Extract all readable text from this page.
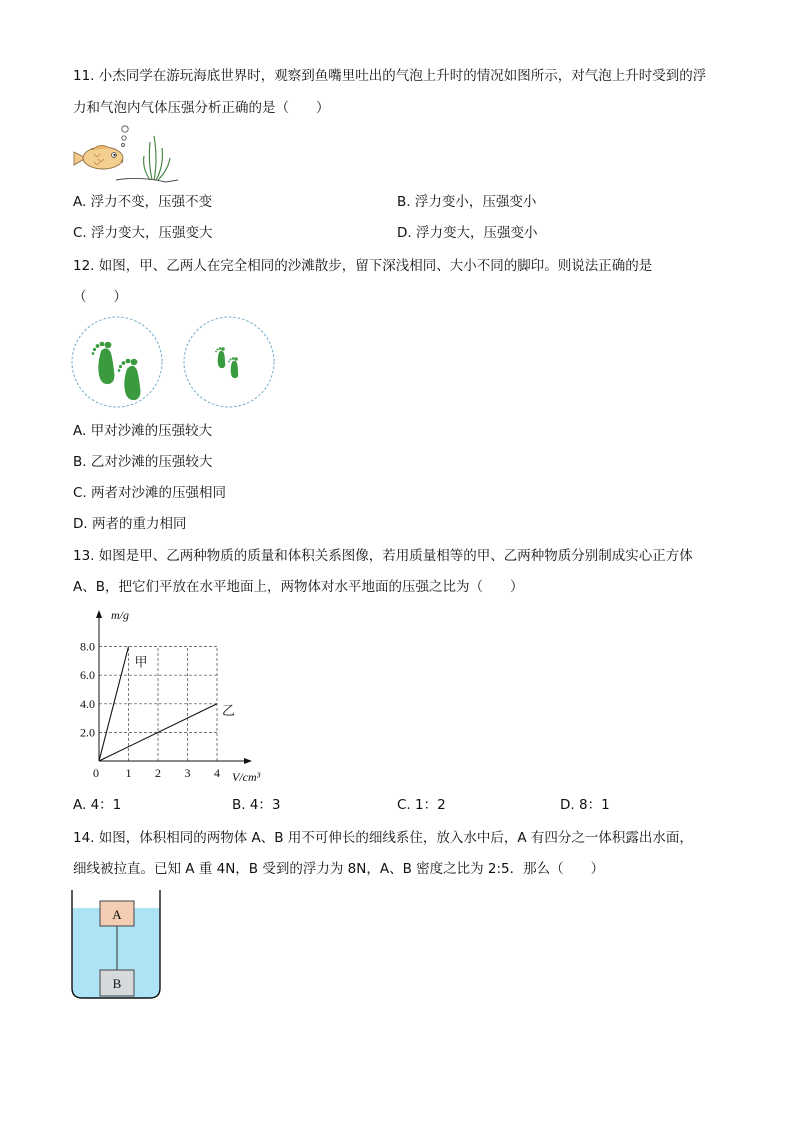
11. 小杰同学在游玩海底世界时，观察到鱼嘴里吐出的气泡上升时的情况如图所示，对气泡上升时受到的浮
力和气泡内气体压强分析正确的是（　　）
A. 浮力不变，压强不变	B. 浮力变小，压强变小
C. 浮力变大，压强变大	D. 浮力变大，压强变小
12. 如图，甲、乙两人在完全相同的沙滩散步，留下深浅相同、大小不同的脚印。则说法正确的是
（　　）
A. 甲对沙滩的压强较大
B. 乙对沙滩的压强较大
C. 两者对沙滩的压强相同
D. 两者的重力相同
13. 如图是甲、乙两种物质的质量和体积关系图像，若用质量相等的甲、乙两种物质分别制成实心正方体
A、B，把它们平放在水平地面上，两物体对水平地面的压强之比为（　　）
甲
乙
2.0
4.0
6.0
8.0
0 1 2 3 4
m/g
V/cm³
A. 4：1	B. 4：3	C. 1：2	D. 8：1
14. 如图，体积相同的两物体 A、B 用不可伸长的细线系住，放入水中后，A 有四分之一体积露出水面，
细线被拉直。已知 A 重 4N，B 受到的浮力为 8N，A、B 密度之比为 2:5．那么（　　）
A
B
